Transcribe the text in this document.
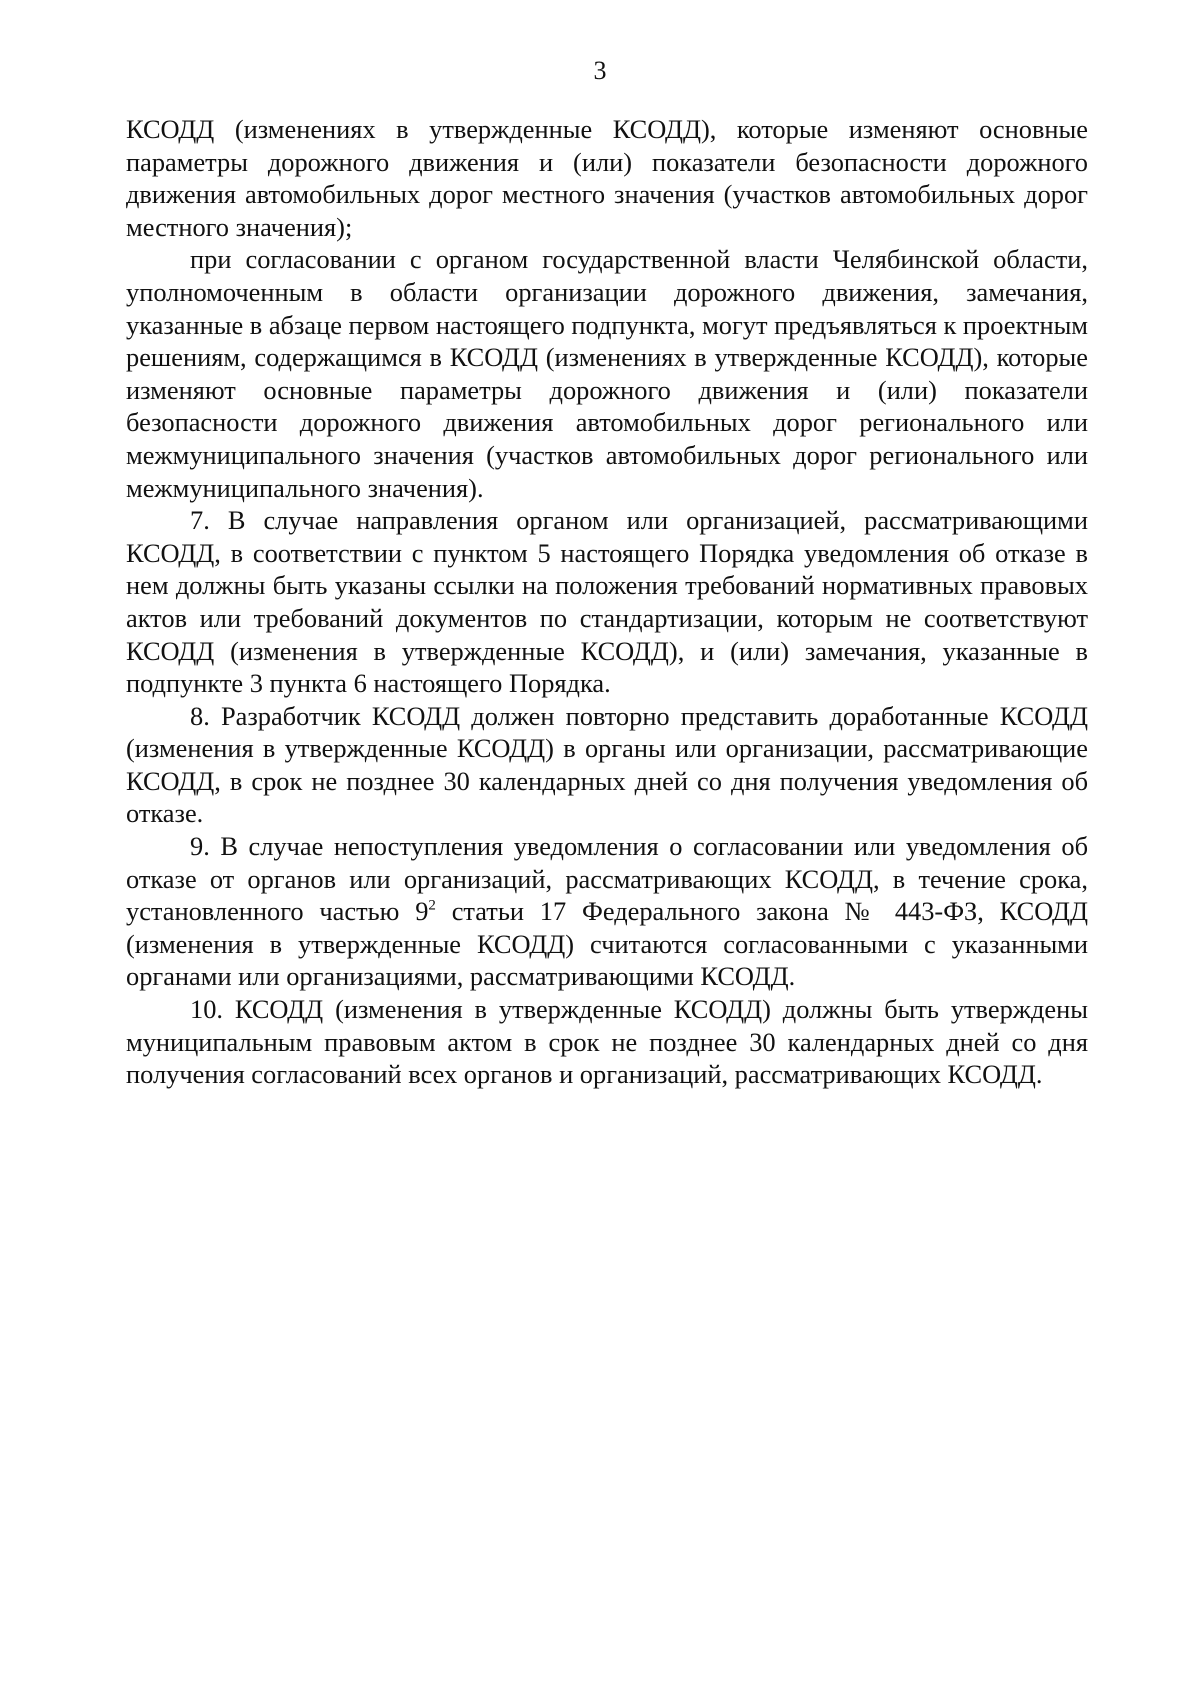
3

КСОДД (изменениях в утвержденные КСОДД), которые изменяют основные параметры дорожного движения и (или) показатели безопасности дорожного движения автомобильных дорог местного значения (участков автомобильных дорог местного значения);

при согласовании с органом государственной власти Челябинской области, уполномоченным в области организации дорожного движения, замечания, указанные в абзаце первом настоящего подпункта, могут предъявляться к проектным решениям, содержащимся в КСОДД (изменениях в утвержденные КСОДД), которые изменяют основные параметры дорожного движения и (или) показатели безопасности дорожного движения автомобильных дорог регионального или межмуниципального значения (участков автомобильных дорог регионального или межмуниципального значения).

7. В случае направления органом или организацией, рассматривающими КСОДД, в соответствии с пунктом 5 настоящего Порядка уведомления об отказе в нем должны быть указаны ссылки на положения требований нормативных правовых актов или требований документов по стандартизации, которым не соответствуют КСОДД (изменения в утвержденные КСОДД), и (или) замечания, указанные в подпункте 3 пункта 6 настоящего Порядка.

8. Разработчик КСОДД должен повторно представить доработанные КСОДД (изменения в утвержденные КСОДД) в органы или организации, рассматривающие КСОДД, в срок не позднее 30 календарных дней со дня получения уведомления об отказе.

9. В случае непоступления уведомления о согласовании или уведомления об отказе от органов или организаций, рассматривающих КСОДД, в течение срока, установленного частью $9^2$ статьи 17 Федерального закона № 443-ФЗ, КСОДД (изменения в утвержденные КСОДД) считаются согласованными с указанными органами или организациями, рассматривающими КСОДД.

10. КСОДД (изменения в утвержденные КСОДД) должны быть утверждены муниципальным правовым актом в срок не позднее 30 календарных дней со дня получения согласований всех органов и организаций, рассматривающих КСОДД.
